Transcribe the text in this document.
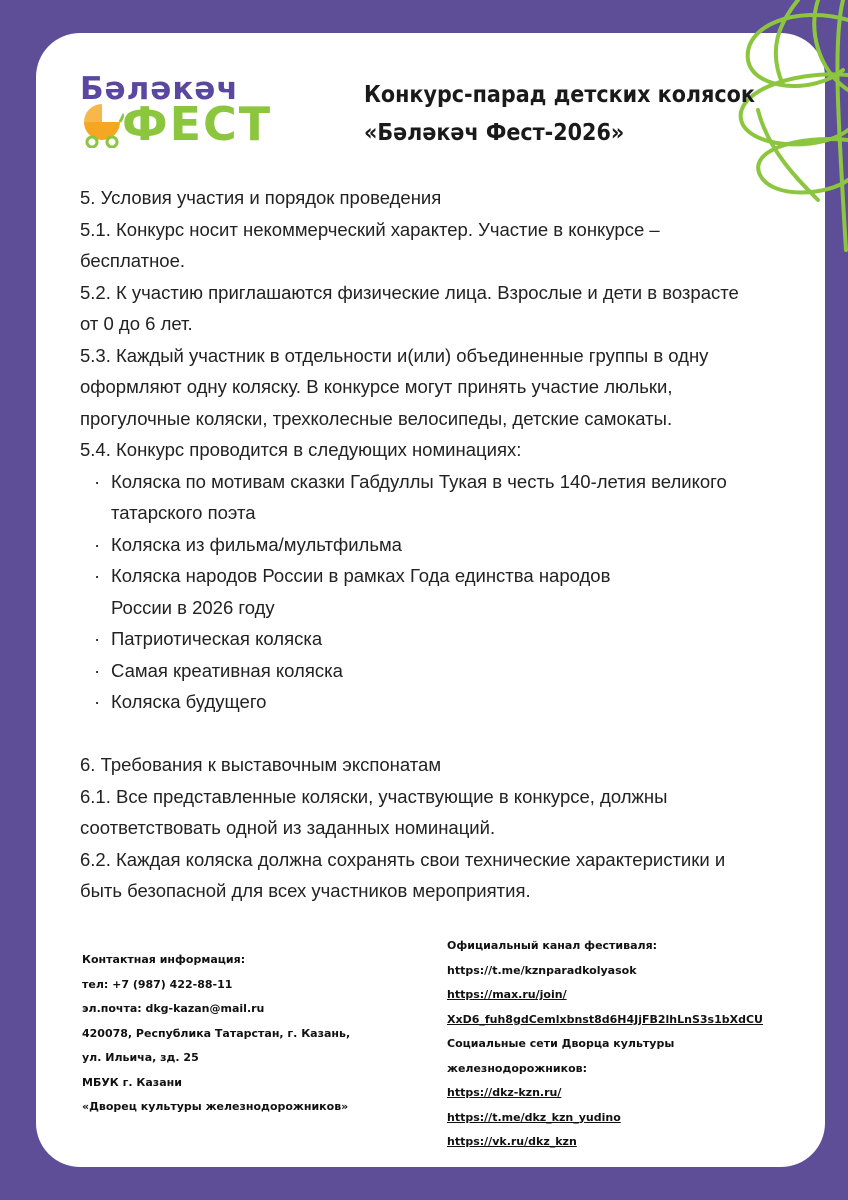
Бәләкәч
ФЕСТ
Конкурс-парад детских колясок
«Бәләкәч Фест-2026»

5. Условия участия и порядок проведения

5.1. Конкурс носит некоммерческий характер. Участие в конкурсе – бесплатное.

5.2. К участию приглашаются физические лица. Взрослые и дети в возрасте от 0 до 6 лет.

5.3. Каждый участник в отдельности и(или) объединенные группы в одну оформляют одну коляску. В конкурсе могут принять участие люльки, прогулочные коляски, трехколесные велосипеды, детские самокаты.

5.4. Конкурс проводится в следующих номинациях:

· Коляска по мотивам сказки Габдуллы Тукая в честь 140-летия великого татарского поэта
· Коляска из фильма/мультфильма
· Коляска народов России в рамках Года единства народов России в 2026 году
· Патриотическая коляска
· Самая креативная коляска
· Коляска будущего

6. Требования к выставочным экспонатам

6.1. Все представленные коляски, участвующие в конкурсе, должны соответствовать одной из заданных номинаций.

6.2. Каждая коляска должна сохранять свои технические характеристики и быть безопасной для всех участников мероприятия.

Контактная информация:
тел: +7 (987) 422-88-11
эл.почта: dkg-kazan@mail.ru
420078, Республика Татарстан, г. Казань,
ул. Ильича, зд. 25
МБУК г. Казани
«Дворец культуры железнодорожников»
Официальный канал фестиваля:
https://t.me/kznparadkolyasok
https://max.ru/join/
XxD6_fuh8gdCemlxbnst8d6H4JjFB2lhLnS3s1bXdCU
Социальные сети Дворца культуры
железнодорожников:
https://dkz-kzn.ru/
https://t.me/dkz_kzn_yudino
https://vk.ru/dkz_kzn
